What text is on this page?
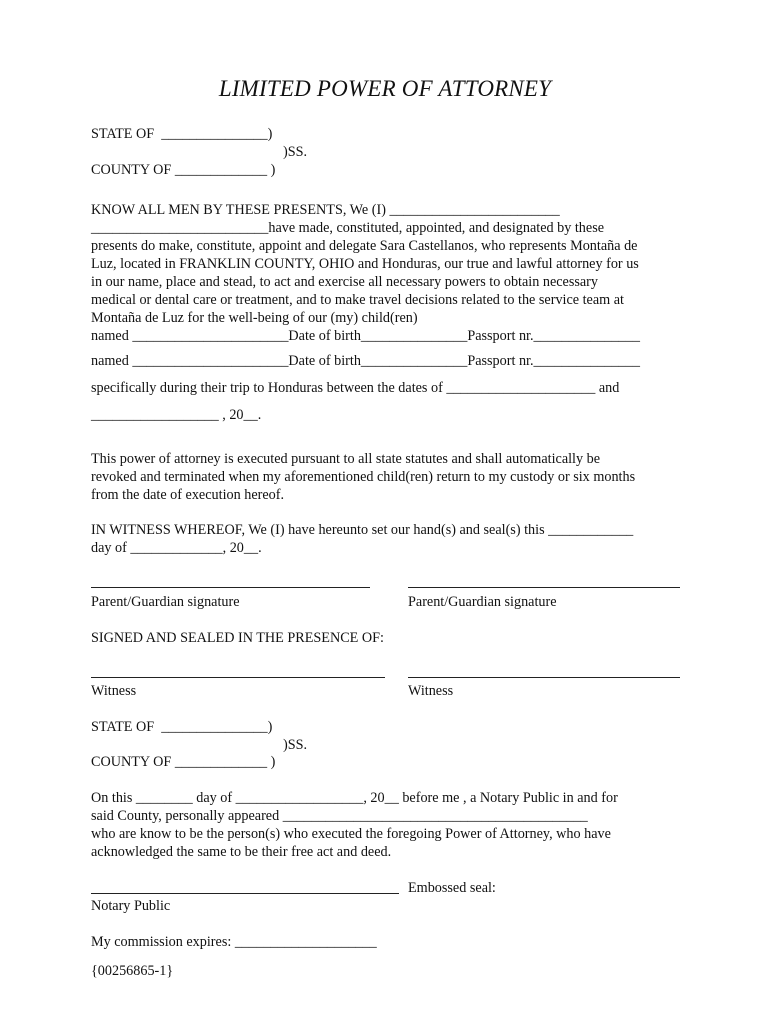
LIMITED POWER OF ATTORNEY
STATE OF  _______________)
)SS.
COUNTY OF _____________ )
KNOW ALL MEN BY THESE PRESENTS, We (I) ________________________
_________________________have made, constituted, appointed, and designated by these
presents do make, constitute, appoint and delegate Sara Castellanos, who represents Montaña de
Luz, located in FRANKLIN COUNTY, OHIO and Honduras, our true and lawful attorney for us
in our name, place and stead, to act and exercise all necessary powers to obtain necessary
medical or dental care or treatment, and to make travel decisions related to the service team at
Montaña de Luz for the well-being of our (my) child(ren)
named ______________________Date of birth_______________Passport nr._______________
named ______________________Date of birth_______________Passport nr._______________
specifically during their trip to Honduras between the dates of _____________________ and
__________________ , 20__.
This power of attorney is executed pursuant to all state statutes and shall automatically be
revoked and terminated when my aforementioned child(ren) return to my custody or six months
from the date of execution hereof.
IN WITNESS WHEREOF, We (I) have hereunto set our hand(s) and seal(s) this ____________
day of _____________, 20__.
Parent/Guardian signature	Parent/Guardian signature
SIGNED AND SEALED IN THE PRESENCE OF:
Witness	Witness
STATE OF  _______________)
)SS.
COUNTY OF _____________ )
On this ________ day of __________________, 20__ before me , a Notary Public in and for
said County, personally appeared ___________________________________________
who are know to be the person(s) who executed the foregoing Power of Attorney, who have
acknowledged the same to be their free act and deed.
Embossed seal:
Notary Public
My commission expires: ____________________
{00256865-1}
